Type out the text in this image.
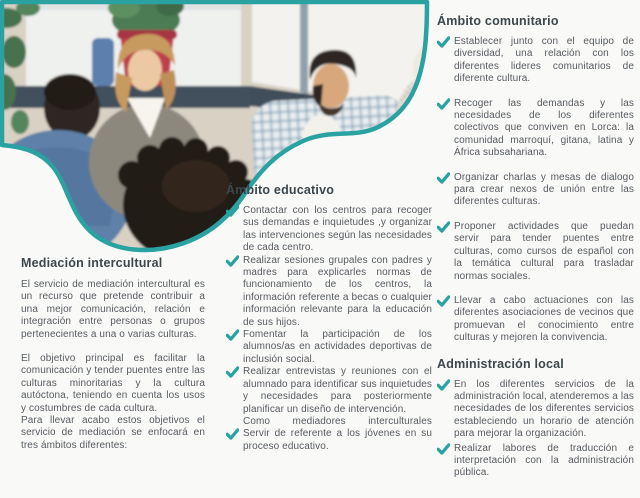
Mediación intercultural

El servicio de mediación intercultural es un recurso que pretende contribuir a una mejor comunicación, relación e integración entre personas o grupos pertenecientes a una o varias culturas.

El objetivo principal es facilitar la comunicación y tender puentes entre las culturas minoritarias y la cultura autóctona, teniendo en cuenta los usos y costumbres de cada cultura.

Para llevar acabo estos objetivos el servicio de mediación se enfocará en tres ámbitos diferentes:

Ámbito educativo
Contactar con los centros para recoger sus demandas e inquietudes ,y organizar las intervenciones según las necesidades de cada centro.
Realizar sesiones grupales con padres y madres para explicarles normas de funcionamiento de los centros, la información referente a becas o cualquier información relevante para la educación de sus hijos.
Fomentar la participación de los alumnos/as en actividades deportivas de inclusión social.
Realizar entrevistas y reuniones con el alumnado para identificar sus inquietudes y necesidades para posteriormente planificar un diseño de intervención.
Como mediadores interculturales
Servir de referente a los jóvenes en su proceso educativo.
Ámbito comunitario
Establecer junto con el equipo de diversidad, una relación con los diferentes lideres comunitarios de diferente cultura.
Recoger las demandas y las necesidades de los diferentes colectivos que conviven en Lorca: la comunidad marroquí, gitana, latina y África subsahariana.
Organizar charlas y mesas de dialogo para crear nexos de unión entre las diferentes culturas.
Proponer actividades que puedan servir para tender puentes entre culturas, como cursos de español con la temática cultural para trasladar normas sociales.
Llevar a cabo actuaciones con las diferentes asociaciones de vecinos que promuevan el conocimiento entre culturas y mejoren la convivencia.
Administración local
En los diferentes servicios de la administración local, atenderemos a las necesidades de los diferentes servicios estableciendo un horario de atención para mejorar la organización.
Realizar labores de traducción e interpretación con la administración pública.
